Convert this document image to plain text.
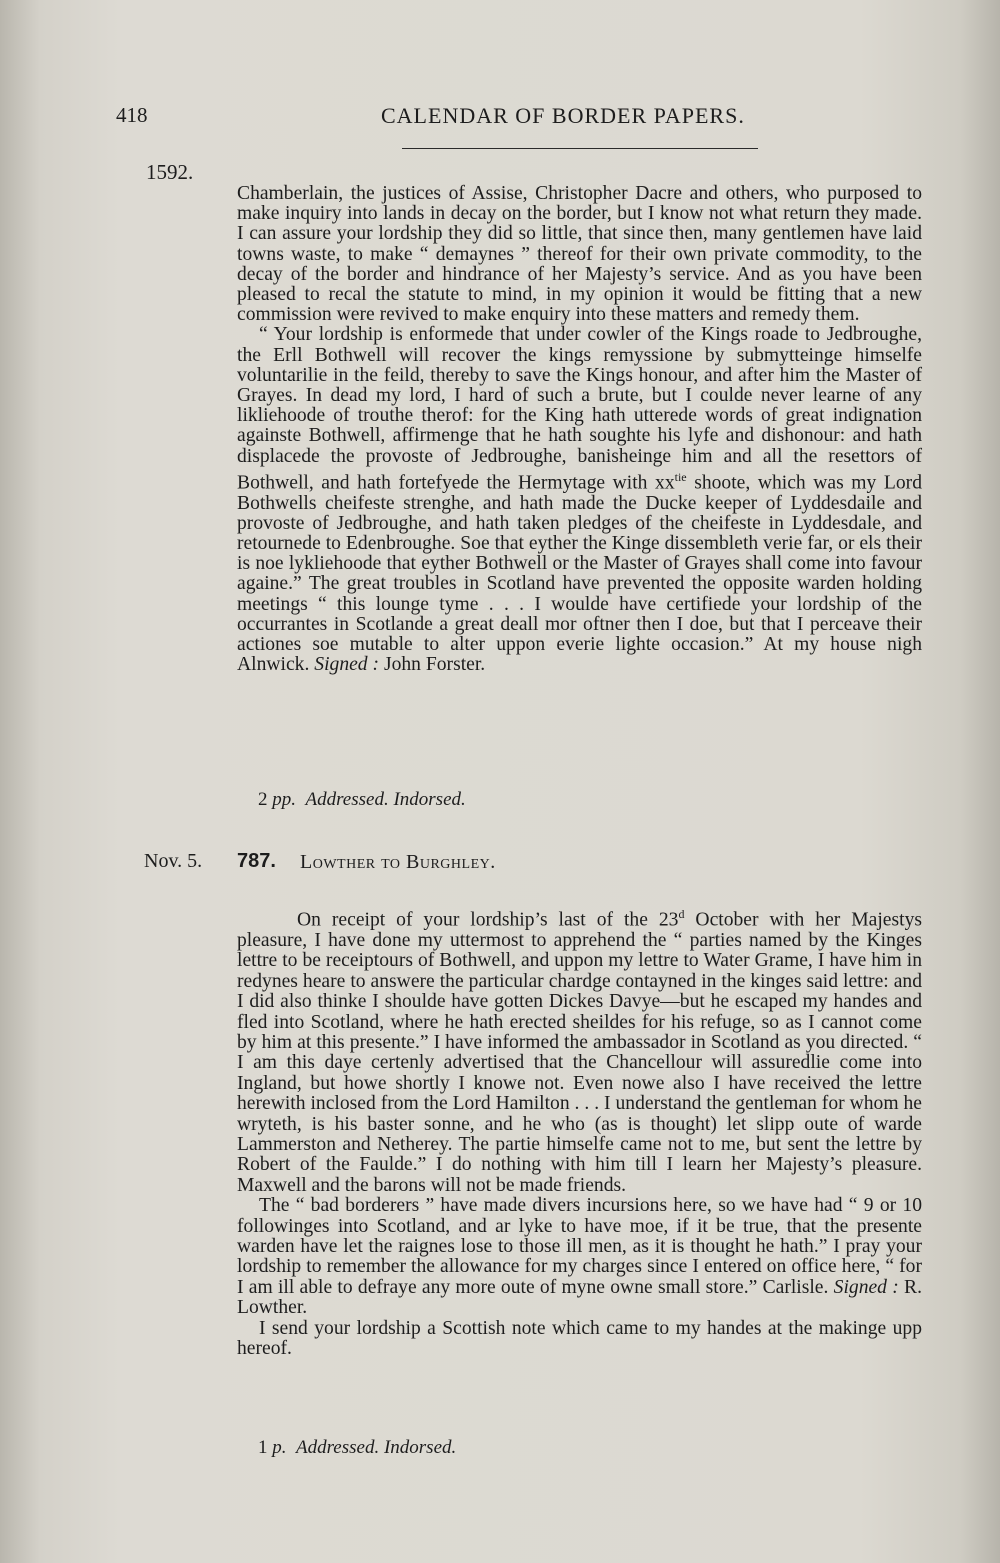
418	CALENDAR OF BORDER PAPERS.
1592.

Chamberlain, the justices of Assise, Christopher Dacre and others, who purposed to make inquiry into lands in decay on the border, but I know not what return they made. I can assure your lordship they did so little, that since then, many gentlemen have laid towns waste, to make “ demaynes ” thereof for their own private commodity, to the decay of the border and hindrance of her Majesty’s service. And as you have been pleased to recal the statute to mind, in my opinion it would be fitting that a new commission were revived to make enquiry into these matters and remedy them.

“ Your lordship is enformede that under cowler of the Kings roade to Jedbroughe, the Erll Bothwell will recover the kings remyssione by submytteinge himselfe voluntarilie in the feild, thereby to save the Kings honour, and after him the Master of Grayes. In dead my lord, I hard of such a brute, but I coulde never learne of any likliehoode of trouthe therof: for the King hath utterede words of great indignation againste Bothwell, affirmenge that he hath soughte his lyfe and dishonour: and hath displacede the provoste of Jedbroughe, banisheinge him and all the resettors of Bothwell, and hath fortefyede the Hermytage with $xx^{tie}$ shoote, which was my Lord Bothwells cheifeste strenghe, and hath made the Ducke keeper of Lyddesdaile and provoste of Jedbroughe, and hath taken pledges of the cheifeste in Lyddesdale, and retournede to Edenbroughe. Soe that eyther the Kinge dissembleth verie far, or els their is noe lykliehoode that eyther Bothwell or the Master of Grayes shall come into favour againe.” The great troubles in Scotland have prevented the opposite warden holding meetings “ this lounge tyme . . . I woulde have certifiede your lordship of the occurrantes in Scotlande a great deall mor oftner then I doe, but that I perceave their actiones soe mutable to alter uppon everie lighte occasion.” At my house nigh Alnwick. Signed : John Forster.

2 pp. Addressed. Indorsed.
Nov. 5. 787. Lowther to Burghley.

On receipt of your lordship’s last of the 23$^d$ October with her Majestys pleasure, I have done my uttermost to apprehend the “ parties named by the Kinges lettre to be receiptours of Bothwell, and uppon my lettre to Water Grame, I have him in redynes heare to answere the particular chardge contayned in the kinges said lettre: and I did also thinke I shoulde have gotten Dickes Davye—but he escaped my handes and fled into Scotland, where he hath erected sheildes for his refuge, so as I cannot come by him at this presente.” I have informed the ambassador in Scotland as you directed. “ I am this daye certenly advertised that the Chancellour will assuredlie come into Ingland, but howe shortly I knowe not. Even nowe also I have received the lettre herewith inclosed from the Lord Hamilton . . . I understand the gentleman for whom he wryteth, is his baster sonne, and he who (as is thought) let slipp oute of warde Lammerston and Netherey. The partie himselfe came not to me, but sent the lettre by Robert of the Faulde.” I do nothing with him till I learn her Majesty’s pleasure. Maxwell and the barons will not be made friends.

The “ bad borderers ” have made divers incursions here, so we have had “ 9 or 10 followinges into Scotland, and ar lyke to have moe, if it be true, that the presente warden have let the raignes lose to those ill men, as it is thought he hath.” I pray your lordship to remember the allowance for my charges since I entered on office here, “ for I am ill able to defraye any more oute of myne owne small store.” Carlisle. Signed : R. Lowther.

I send your lordship a Scottish note which came to my handes at the makinge upp hereof.

1 p. Addressed. Indorsed.
